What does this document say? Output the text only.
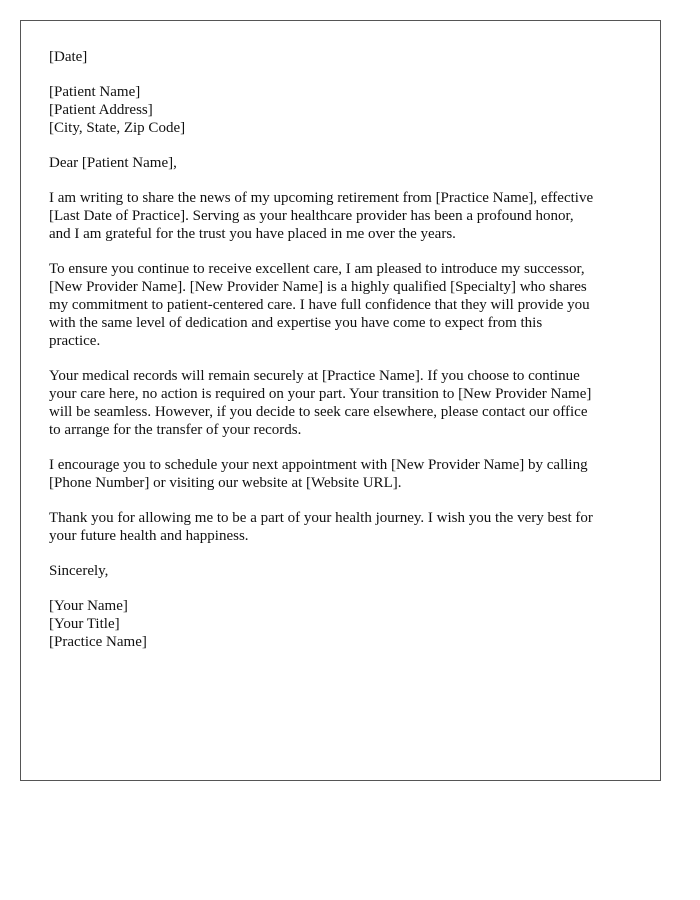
[Date]

[Patient Name]
[Patient Address]
[City, State, Zip Code]

Dear [Patient Name],

I am writing to share the news of my upcoming retirement from [Practice Name], effective
[Last Date of Practice]. Serving as your healthcare provider has been a profound honor,
and I am grateful for the trust you have placed in me over the years.

To ensure you continue to receive excellent care, I am pleased to introduce my successor,
[New Provider Name]. [New Provider Name] is a highly qualified [Specialty] who shares
my commitment to patient-centered care. I have full confidence that they will provide you
with the same level of dedication and expertise you have come to expect from this
practice.

Your medical records will remain securely at [Practice Name]. If you choose to continue
your care here, no action is required on your part. Your transition to [New Provider Name]
will be seamless. However, if you decide to seek care elsewhere, please contact our office
to arrange for the transfer of your records.

I encourage you to schedule your next appointment with [New Provider Name] by calling
[Phone Number] or visiting our website at [Website URL].

Thank you for allowing me to be a part of your health journey. I wish you the very best for
your future health and happiness.

Sincerely,

[Your Name]
[Your Title]
[Practice Name]
